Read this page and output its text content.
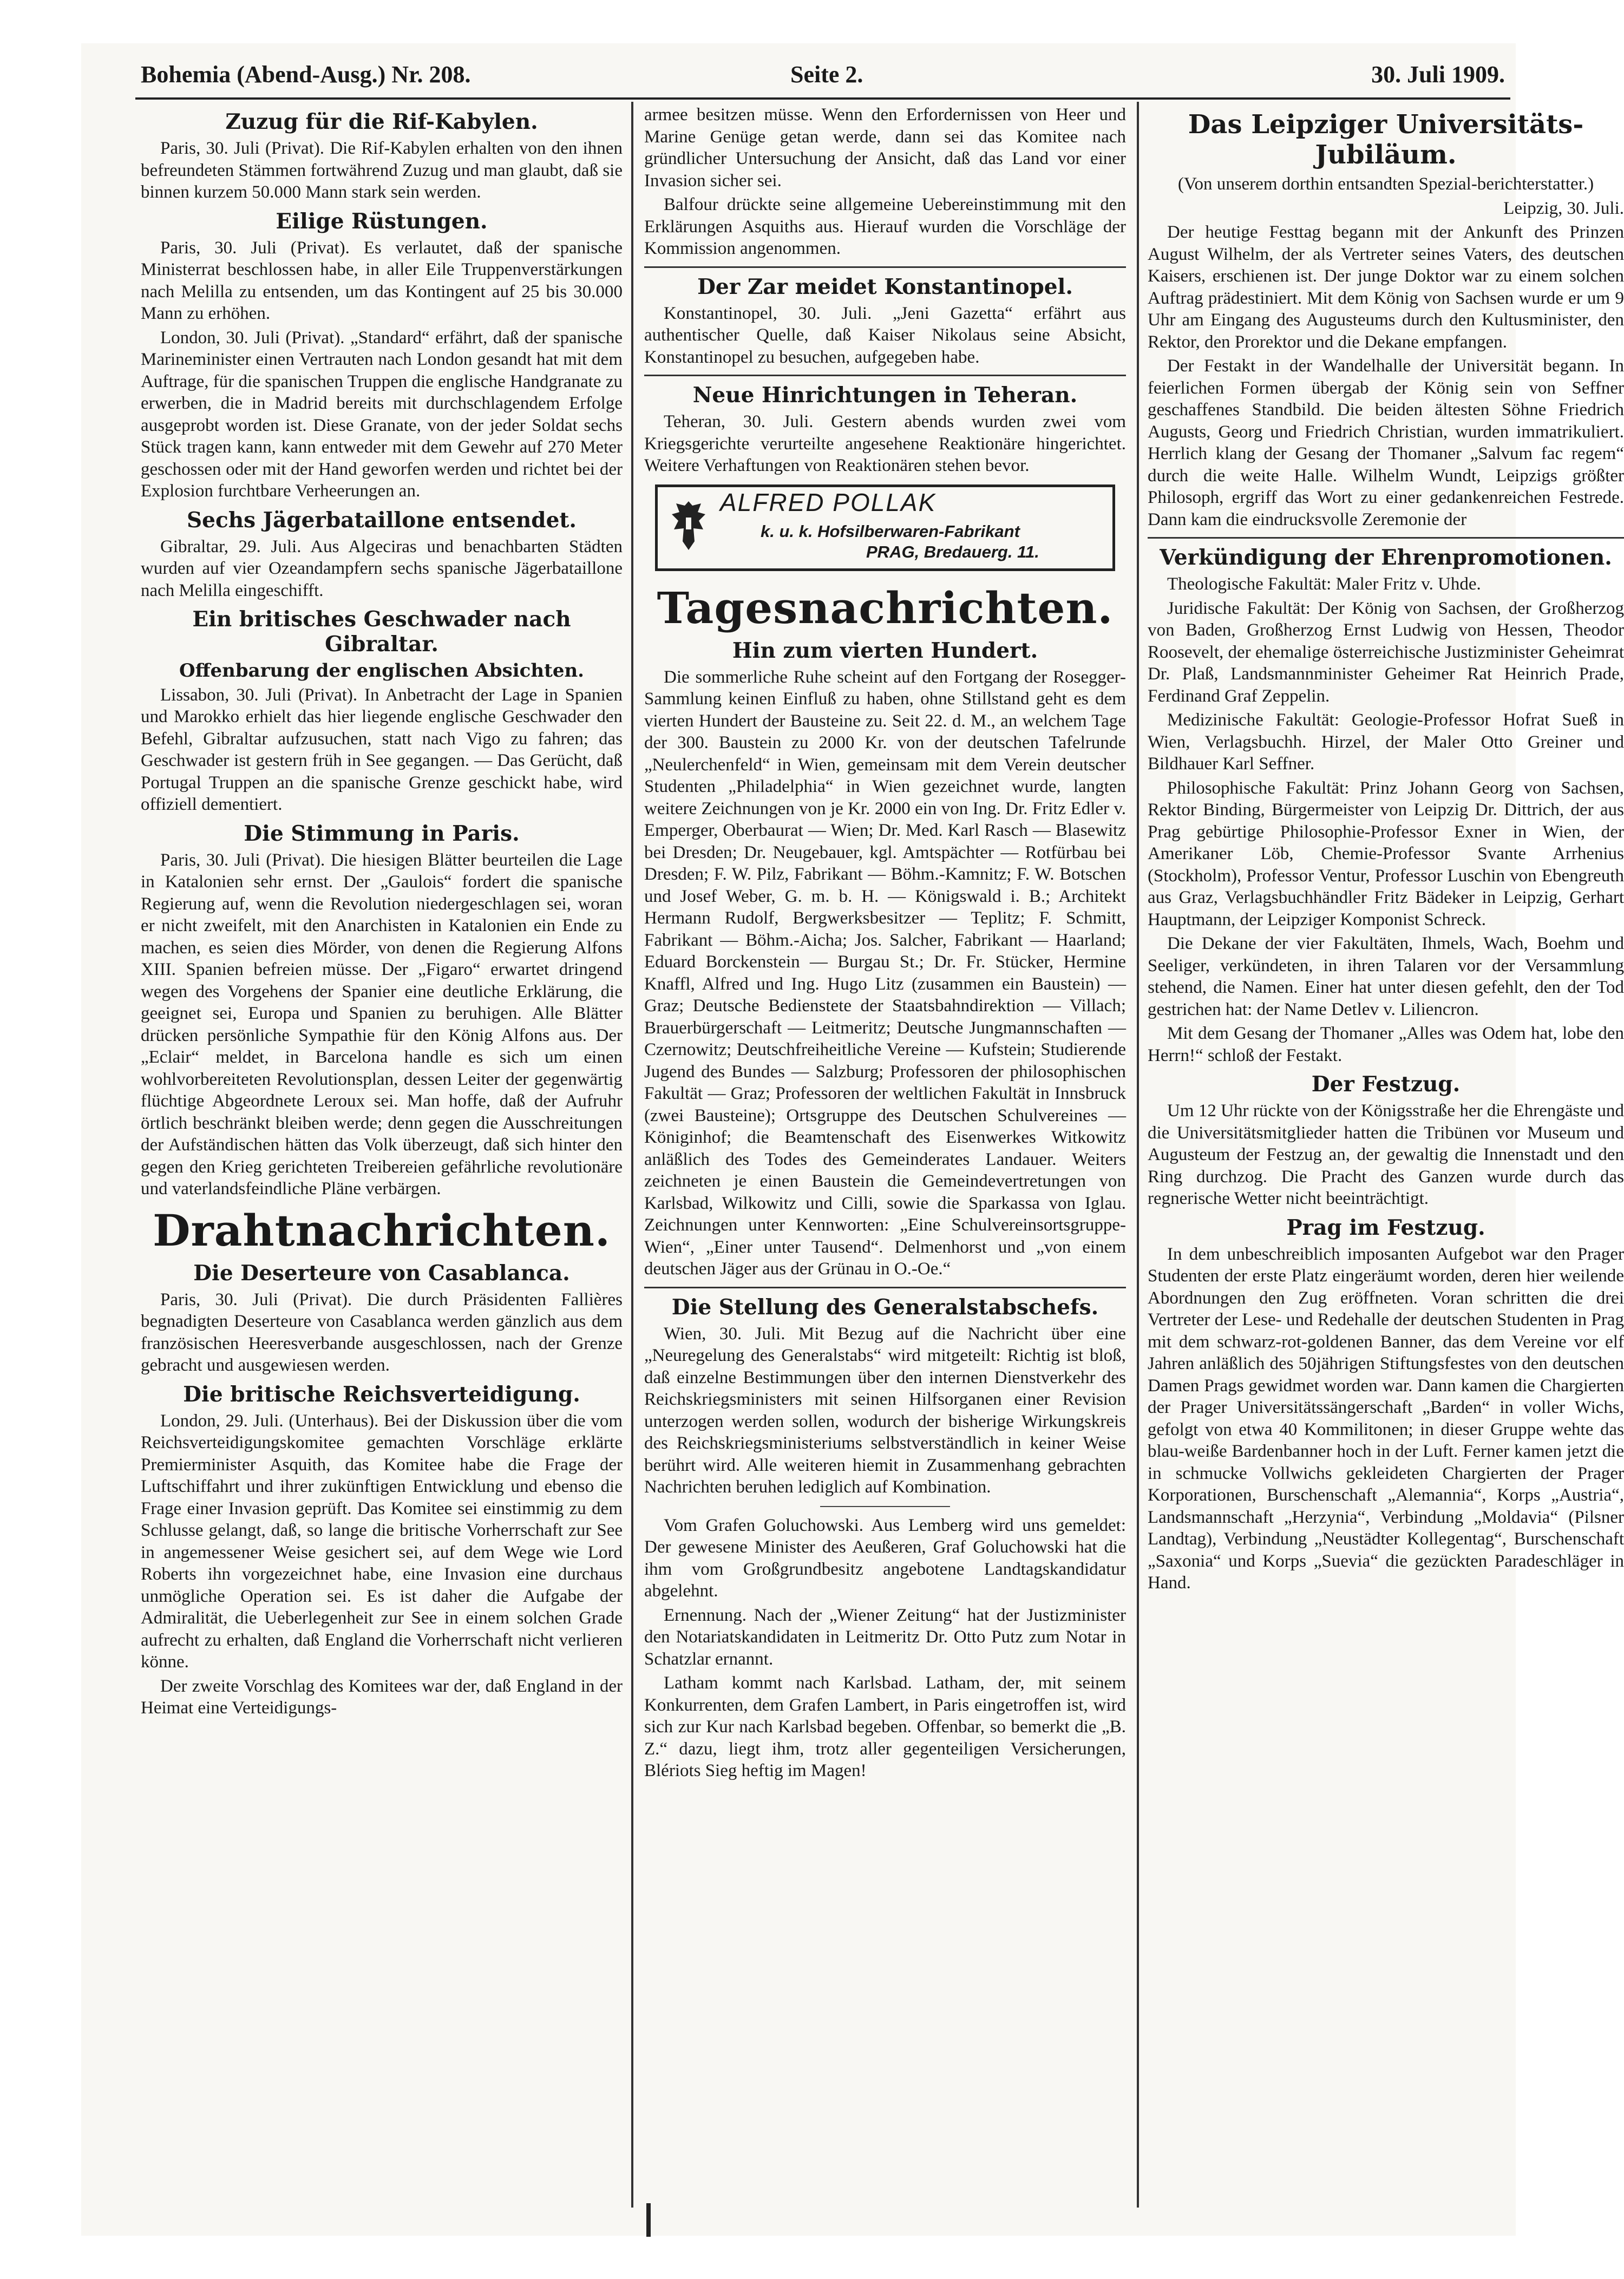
Bohemia (Abend-Ausg.) Nr. 208.	Seite 2.	30. Juli 1909.
Zuzug für die Rif-Kabylen.

Paris, 30. Juli (Privat). Die Rif-Kabylen erhalten von den ihnen befreundeten Stämmen fortwährend Zuzug und man glaubt, daß sie binnen kurzem 50.000 Mann stark sein werden.

Eilige Rüstungen.

Paris, 30. Juli (Privat). Es verlautet, daß der spanische Ministerrat beschlossen habe, in aller Eile Truppenverstärkungen nach Melilla zu entsenden, um das Kontingent auf 25 bis 30.000 Mann zu erhöhen.

London, 30. Juli (Privat). „Standard“ erfährt, daß der spanische Marineminister einen Vertrauten nach London gesandt hat mit dem Auftrage, für die spanischen Truppen die englische Handgranate zu erwerben, die in Madrid bereits mit durchschlagendem Erfolge ausgeprobt worden ist. Diese Granate, von der jeder Soldat sechs Stück tragen kann, kann entweder mit dem Gewehr auf 270 Meter geschossen oder mit der Hand geworfen werden und richtet bei der Explosion furchtbare Verheerungen an.

Sechs Jägerbataillone entsendet.

Gibraltar, 29. Juli. Aus Algeciras und benachbarten Städten wurden auf vier Ozeandampfern sechs spanische Jägerbataillone nach Melilla eingeschifft.

Ein britisches Geschwader nach Gibraltar.
Offenbarung der englischen Absichten.

Lissabon, 30. Juli (Privat). In Anbetracht der Lage in Spanien und Marokko erhielt das hier liegende englische Geschwader den Befehl, Gibraltar aufzusuchen, statt nach Vigo zu fahren; das Geschwader ist gestern früh in See gegangen. — Das Gerücht, daß Portugal Truppen an die spanische Grenze geschickt habe, wird offiziell dementiert.

Die Stimmung in Paris.

Paris, 30. Juli (Privat). Die hiesigen Blätter beurteilen die Lage in Katalonien sehr ernst. Der „Gaulois“ fordert die spanische Regierung auf, wenn die Revolution niedergeschlagen sei, woran er nicht zweifelt, mit den Anarchisten in Katalonien ein Ende zu machen, es seien dies Mörder, von denen die Regierung Alfons XIII. Spanien befreien müsse. Der „Figaro“ erwartet dringend wegen des Vorgehens der Spanier eine deutliche Erklärung, die geeignet sei, Europa und Spanien zu beruhigen. Alle Blätter drücken persönliche Sympathie für den König Alfons aus. Der „Eclair“ meldet, in Barcelona handle es sich um einen wohlvorbereiteten Revolutionsplan, dessen Leiter der gegenwärtig flüchtige Abgeordnete Leroux sei. Man hoffe, daß der Aufruhr örtlich beschränkt bleiben werde; denn gegen die Ausschreitungen der Aufständischen hätten das Volk überzeugt, daß sich hinter den gegen den Krieg gerichteten Treibereien gefährliche revolutionäre und vaterlandsfeindliche Pläne verbärgen.

Drahtnachrichten.
Die Deserteure von Casablanca.

Paris, 30. Juli (Privat). Die durch Präsidenten Fallières begnadigten Deserteure von Casablanca werden gänzlich aus dem französischen Heeresverbande ausgeschlossen, nach der Grenze gebracht und ausgewiesen werden.

Die britische Reichsverteidigung.

London, 29. Juli. (Unterhaus). Bei der Diskussion über die vom Reichsverteidigungskomitee gemachten Vorschläge erklärte Premierminister Asquith, das Komitee habe die Frage der Luftschiffahrt und ihrer zukünftigen Entwicklung und ebenso die Frage einer Invasion geprüft. Das Komitee sei einstimmig zu dem Schlusse gelangt, daß, so lange die britische Vorherrschaft zur See in angemessener Weise gesichert sei, auf dem Wege wie Lord Roberts ihn vorgezeichnet habe, eine Invasion eine durchaus unmögliche Operation sei. Es ist daher die Aufgabe der Admiralität, die Ueberlegenheit zur See in einem solchen Grade aufrecht zu erhalten, daß England die Vorherrschaft nicht verlieren könne.

Der zweite Vorschlag des Komitees war der, daß England in der Heimat eine Verteidigungs-

armee besitzen müsse. Wenn den Erfordernissen von Heer und Marine Genüge getan werde, dann sei das Komitee nach gründlicher Untersuchung der Ansicht, daß das Land vor einer Invasion sicher sei.

Balfour drückte seine allgemeine Uebereinstimmung mit den Erklärungen Asquiths aus. Hierauf wurden die Vorschläge der Kommission angenommen.

Der Zar meidet Konstantinopel.

Konstantinopel, 30. Juli. „Jeni Gazetta“ erfährt aus authentischer Quelle, daß Kaiser Nikolaus seine Absicht, Konstantinopel zu besuchen, aufgegeben habe.

Neue Hinrichtungen in Teheran.

Teheran, 30. Juli. Gestern abends wurden zwei vom Kriegsgerichte verurteilte angesehene Reaktionäre hingerichtet. Weitere Verhaftungen von Reaktionären stehen bevor.

ALFRED POLLAK
k. u. k. Hofsilberwaren-Fabrikant
PRAG, Bredauerg. 11.
Tagesnachrichten.
Hin zum vierten Hundert.

Die sommerliche Ruhe scheint auf den Fortgang der Rosegger-Sammlung keinen Einfluß zu haben, ohne Stillstand geht es dem vierten Hundert der Bausteine zu. Seit 22. d. M., an welchem Tage der 300. Baustein zu 2000 Kr. von der deutschen Tafelrunde „Neulerchenfeld“ in Wien, gemeinsam mit dem Verein deutscher Studenten „Philadelphia“ in Wien gezeichnet wurde, langten weitere Zeichnungen von je Kr. 2000 ein von Ing. Dr. Fritz Edler v. Emperger, Oberbaurat — Wien; Dr. Med. Karl Rasch — Blasewitz bei Dresden; Dr. Neugebauer, kgl. Amtspächter — Rotfürbau bei Dresden; F. W. Pilz, Fabrikant — Böhm.-Kamnitz; F. W. Botschen und Josef Weber, G. m. b. H. — Königswald i. B.; Architekt Hermann Rudolf, Bergwerksbesitzer — Teplitz; F. Schmitt, Fabrikant — Böhm.-Aicha; Jos. Salcher, Fabrikant — Haarland; Eduard Borckenstein — Burgau St.; Dr. Fr. Stücker, Hermine Knaffl, Alfred und Ing. Hugo Litz (zusammen ein Baustein) — Graz; Deutsche Bedienstete der Staatsbahndirektion — Villach; Brauerbürgerschaft — Leitmeritz; Deutsche Jungmannschaften — Czernowitz; Deutschfreiheitliche Vereine — Kufstein; Studierende Jugend des Bundes — Salzburg; Professoren der philosophischen Fakultät — Graz; Professoren der weltlichen Fakultät in Innsbruck (zwei Bausteine); Ortsgruppe des Deutschen Schulvereines — Königinhof; die Beamtenschaft des Eisenwerkes Witkowitz anläßlich des Todes des Gemeinderates Landauer. Weiters zeichneten je einen Baustein die Gemeindevertretungen von Karlsbad, Wilkowitz und Cilli, sowie die Sparkassa von Iglau. Zeichnungen unter Kennworten: „Eine Schulvereinsortsgruppe-Wien“, „Einer unter Tausend“. Delmenhorst und „von einem deutschen Jäger aus der Grünau in O.-Oe.“

Die Stellung des Generalstabschefs.

Wien, 30. Juli. Mit Bezug auf die Nachricht über eine „Neuregelung des Generalstabs“ wird mitgeteilt: Richtig ist bloß, daß einzelne Bestimmungen über den internen Dienstverkehr des Reichskriegsministers mit seinen Hilfsorganen einer Revision unterzogen werden sollen, wodurch der bisherige Wirkungskreis des Reichskriegsministeriums selbstverständlich in keiner Weise berührt wird. Alle weiteren hiemit in Zusammenhang gebrachten Nachrichten beruhen lediglich auf Kombination.

Vom Grafen Goluchowski. Aus Lemberg wird uns gemeldet: Der gewesene Minister des Aeußeren, Graf Goluchowski hat die ihm vom Großgrundbesitz angebotene Landtagskandidatur abgelehnt.

Ernennung. Nach der „Wiener Zeitung“ hat der Justizminister den Notariatskandidaten in Leitmeritz Dr. Otto Putz zum Notar in Schatzlar ernannt.

Latham kommt nach Karlsbad. Latham, der, mit seinem Konkurrenten, dem Grafen Lambert, in Paris eingetroffen ist, wird sich zur Kur nach Karlsbad begeben. Offenbar, so bemerkt die „B. Z.“ dazu, liegt ihm, trotz aller gegenteiligen Versicherungen, Blériots Sieg heftig im Magen!

Das Leipziger Universitäts-Jubiläum.

(Von unserem dorthin entsandten Spezial-berichterstatter.)

Leipzig, 30. Juli.

Der heutige Festtag begann mit der Ankunft des Prinzen August Wilhelm, der als Vertreter seines Vaters, des deutschen Kaisers, erschienen ist. Der junge Doktor war zu einem solchen Auftrag prädestiniert. Mit dem König von Sachsen wurde er um 9 Uhr am Eingang des Augusteums durch den Kultusminister, den Rektor, den Prorektor und die Dekane empfangen.

Der Festakt in der Wandelhalle der Universität begann. In feierlichen Formen übergab der König sein von Seffner geschaffenes Standbild. Die beiden ältesten Söhne Friedrich Augusts, Georg und Friedrich Christian, wurden immatrikuliert. Herrlich klang der Gesang der Thomaner „Salvum fac regem“ durch die weite Halle. Wilhelm Wundt, Leipzigs größter Philosoph, ergriff das Wort zu einer gedankenreichen Festrede. Dann kam die eindrucksvolle Zeremonie der

Verkündigung der Ehrenpromotionen.

Theologische Fakultät: Maler Fritz v. Uhde.

Juridische Fakultät: Der König von Sachsen, der Großherzog von Baden, Großherzog Ernst Ludwig von Hessen, Theodor Roosevelt, der ehemalige österreichische Justizminister Geheimrat Dr. Plaß, Landsmannminister Geheimer Rat Heinrich Prade, Ferdinand Graf Zeppelin.

Medizinische Fakultät: Geologie-Professor Hofrat Sueß in Wien, Verlagsbuchh. Hirzel, der Maler Otto Greiner und Bildhauer Karl Seffner.

Philosophische Fakultät: Prinz Johann Georg von Sachsen, Rektor Binding, Bürgermeister von Leipzig Dr. Dittrich, der aus Prag gebürtige Philosophie-Professor Exner in Wien, der Amerikaner Löb, Chemie-Professor Svante Arrhenius (Stockholm), Professor Ventur, Professor Luschin von Ebengreuth aus Graz, Verlagsbuchhändler Fritz Bädeker in Leipzig, Gerhart Hauptmann, der Leipziger Komponist Schreck.

Die Dekane der vier Fakultäten, Ihmels, Wach, Boehm und Seeliger, verkündeten, in ihren Talaren vor der Versammlung stehend, die Namen. Einer hat unter diesen gefehlt, den der Tod gestrichen hat: der Name Detlev v. Liliencron.

Mit dem Gesang der Thomaner „Alles was Odem hat, lobe den Herrn!“ schloß der Festakt.

Der Festzug.

Um 12 Uhr rückte von der Königsstraße her die Ehrengäste und die Universitätsmitglieder hatten die Tribünen vor Museum und Augusteum der Festzug an, der gewaltig die Innenstadt und den Ring durchzog. Die Pracht des Ganzen wurde durch das regnerische Wetter nicht beeinträchtigt.

Prag im Festzug.

In dem unbeschreiblich imposanten Aufgebot war den Prager Studenten der erste Platz eingeräumt worden, deren hier weilende Abordnungen den Zug eröffneten. Voran schritten die drei Vertreter der Lese- und Redehalle der deutschen Studenten in Prag mit dem schwarz-rot-goldenen Banner, das dem Vereine vor elf Jahren anläßlich des 50jährigen Stiftungsfestes von den deutschen Damen Prags gewidmet worden war. Dann kamen die Chargierten der Prager Universitätssängerschaft „Barden“ in voller Wichs, gefolgt von etwa 40 Kommilitonen; in dieser Gruppe wehte das blau-weiße Bardenbanner hoch in der Luft. Ferner kamen jetzt die in schmucke Vollwichs gekleideten Chargierten der Prager Korporationen, Burschenschaft „Alemannia“, Korps „Austria“, Landsmannschaft „Herzynia“, Verbindung „Moldavia“ (Pilsner Landtag), Verbindung „Neustädter Kollegentag“, Burschenschaft „Saxonia“ und Korps „Suevia“ die gezückten Paradeschläger in Hand.
